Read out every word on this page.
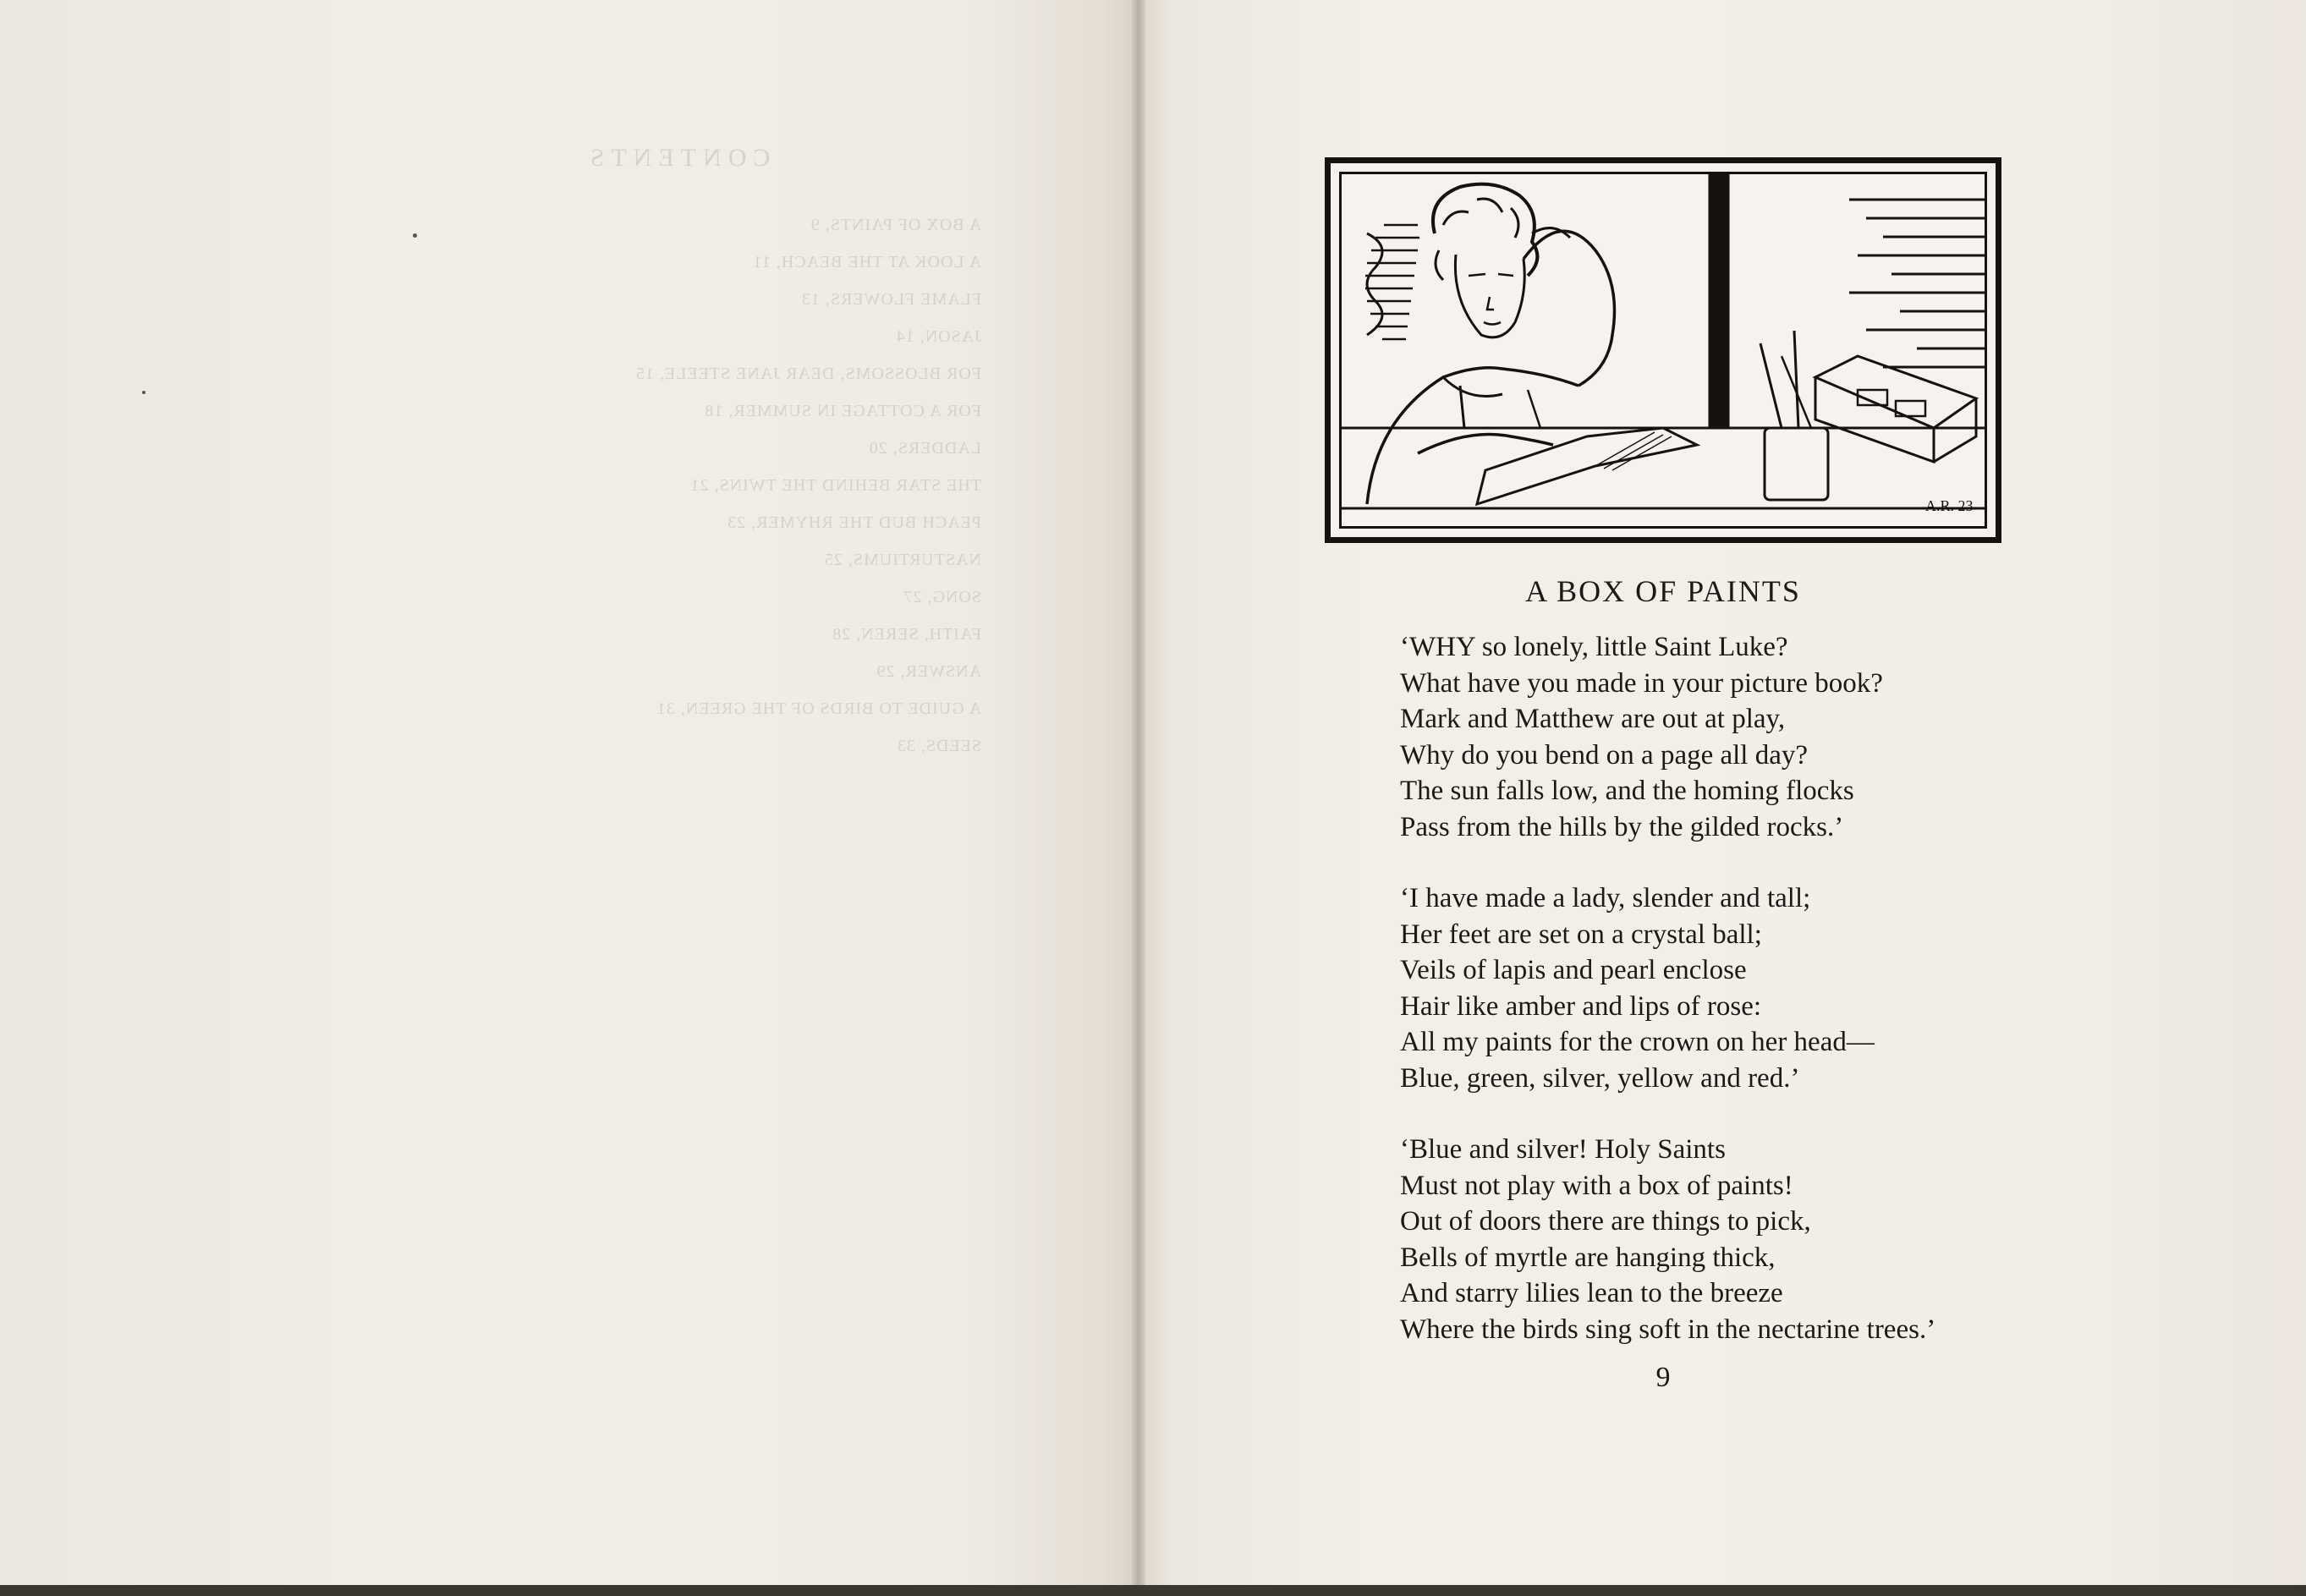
CONTENTS
A BOX OF PAINTS, 9
A LOOK AT THE BEACH, 11
FLAME FLOWERS, 13
JASON, 14
FOR BLOSSOMS, DEAR JANE STEELE, 15
FOR A COTTAGE IN SUMMER, 18
LADDERS, 20
THE STAR BEHIND THE TWINS, 21
PEACH BUD THE RHYMER, 23
NASTURTIUMS, 25
SONG, 27
FAITH, SEREN, 28
ANSWER, 29
A GUIDE TO BIRDS OF THE GREEN, 31
SEEDS, 33
A.R. 23
A BOX OF PAINTS
‘WHY so lonely, little Saint Luke?
What have you made in your picture book?
Mark and Matthew are out at play,
Why do you bend on a page all day?
The sun falls low, and the homing flocks
Pass from the hills by the gilded rocks.’
‘I have made a lady, slender and tall;
Her feet are set on a crystal ball;
Veils of lapis and pearl enclose
Hair like amber and lips of rose:
All my paints for the crown on her head—
Blue, green, silver, yellow and red.’
‘Blue and silver! Holy Saints
Must not play with a box of paints!
Out of doors there are things to pick,
Bells of myrtle are hanging thick,
And starry lilies lean to the breeze
Where the birds sing soft in the nectarine trees.’
9
